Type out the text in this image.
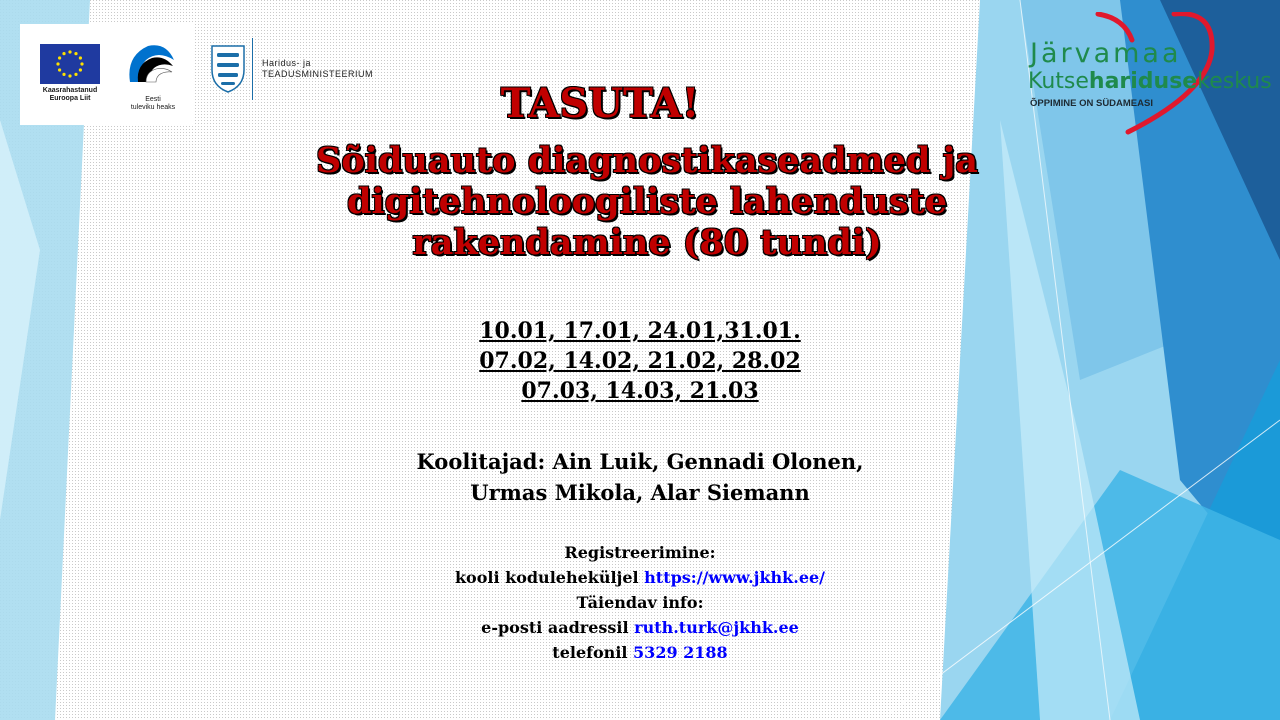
Kaasrahastanud
Euroopa Liit	Eesti
tuleviku heaks
Haridus- ja
TEADUSMINISTEERIUM
Järvamaa
Kutseharidusekeskus
ÕPPIMINE ON SÜDAMEASI
TASUTA!
Sõiduauto diagnostikaseadmed ja
digitehnoloogiliste lahenduste
rakendamine (80 tundi)
10.01, 17.01, 24.01,31.01.
07.02, 14.02, 21.02, 28.02
07.03, 14.03, 21.03
Koolitajad: Ain Luik, Gennadi Olonen,
Urmas Mikola, Alar Siemann
Registreerimine:
kooli koduleheküljel https://www.jkhk.ee/
Täiendav info:
e-posti aadressil ruth.turk@jkhk.ee
telefonil 5329 2188
